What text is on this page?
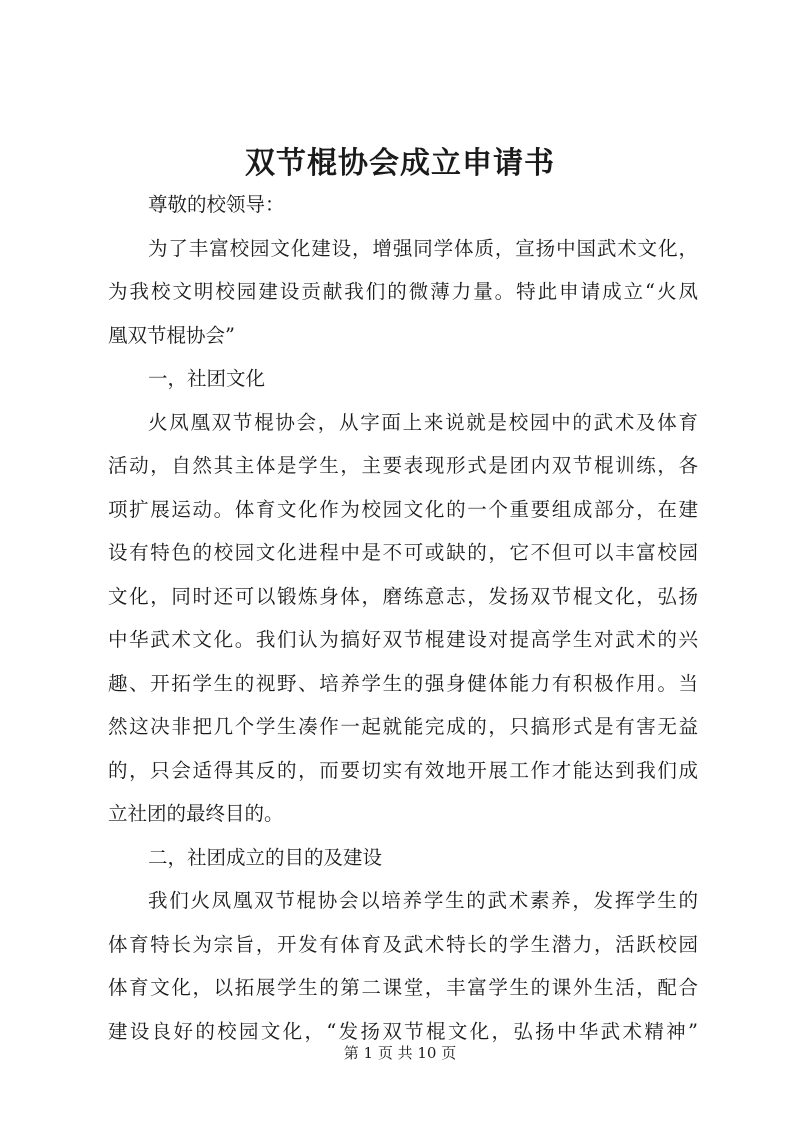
双节棍协会成立申请书
尊敬的校领导：
为了丰富校园文化建设，增强同学体质，宣扬中国武术文化，
为我校文明校园建设贡献我们的微薄力量。特此申请成立“火凤
凰双节棍协会”
一，社团文化
火凤凰双节棍协会，从字面上来说就是校园中的武术及体育
活动，自然其主体是学生，主要表现形式是团内双节棍训练，各
项扩展运动。体育文化作为校园文化的一个重要组成部分，在建
设有特色的校园文化进程中是不可或缺的，它不但可以丰富校园
文化，同时还可以锻炼身体，磨练意志，发扬双节棍文化，弘扬
中华武术文化。我们认为搞好双节棍建设对提高学生对武术的兴
趣、开拓学生的视野、培养学生的强身健体能力有积极作用。当
然这决非把几个学生凑作一起就能完成的，只搞形式是有害无益
的，只会适得其反的，而要切实有效地开展工作才能达到我们成
立社团的最终目的。
二，社团成立的目的及建设
我们火凤凰双节棍协会以培养学生的武术素养，发挥学生的
体育特长为宗旨，开发有体育及武术特长的学生潜力，活跃校园
体育文化，以拓展学生的第二课堂，丰富学生的课外生活，配合
建设良好的校园文化，“发扬双节棍文化，弘扬中华武术精神”
第 1 页 共 10 页
